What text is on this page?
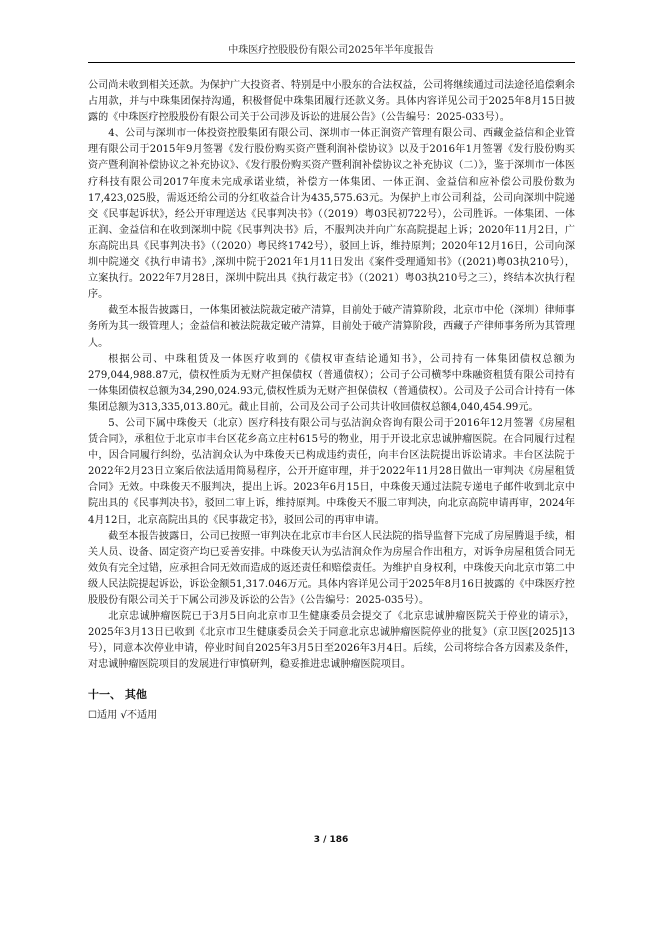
中珠医疗控股股份有限公司2025年半年度报告

公司尚未收到相关还款。为保护广大投资者、特别是中小股东的合法权益，公司将继续通过司法途径追偿剩余占用款，并与中珠集团保持沟通，积极督促中珠集团履行还款义务。具体内容详见公司于2025年8月15日披露的《中珠医疗控股股份有限公司关于公司涉及诉讼的进展公告》（公告编号：2025-033号）。

4、公司与深圳市一体投资控股集团有限公司、深圳市一体正润资产管理有限公司、西藏金益信和企业管理有限公司于2015年9月签署《发行股份购买资产暨利润补偿协议》以及于2016年1月签署《发行股份购买资产暨利润补偿协议之补充协议》、《发行股份购买资产暨利润补偿协议之补充协议（二）》，鉴于深圳市一体医疗科技有限公司2017年度未完成承诺业绩，补偿方一体集团、一体正润、金益信和应补偿公司股份数为17,423,025股，需返还给公司的分红收益合计为435,575.63元。为保护上市公司利益，公司向深圳中院递交《民事起诉状》，经公开审理送达《民事判决书》（（2019）粤03民初722号），公司胜诉。一体集团、一体正润、金益信和在收到深圳中院《民事判决书》后，不服判决并向广东高院提起上诉；2020年11月2日，广东高院出具《民事判决书》（（2020）粤民终1742号），驳回上诉，维持原判；2020年12月16日，公司向深圳中院递交《执行申请书》,深圳中院于2021年1月11日发出《案件受理通知书》（(2021)粤03执210号），立案执行。2022年7月28日，深圳中院出具《执行裁定书》（（2021）粤03执210号之三），终结本次执行程序。

截至本报告披露日，一体集团被法院裁定破产清算，目前处于破产清算阶段，北京市中伦（深圳）律师事务所为其一级管理人；金益信和被法院裁定破产清算，目前处于破产清算阶段，西藏子产律师事务所为其管理人。

根据公司、中珠租赁及一体医疗收到的《债权审查结论通知书》，公司持有一体集团债权总额为279,044,988.87元，债权性质为无财产担保债权（普通债权）；公司子公司横琴中珠融资租赁有限公司持有一体集团债权总额为34,290,024.93元,债权性质为无财产担保债权（普通债权）。公司及子公司合计持有一体集团总额为313,335,013.80元。截止目前，公司及公司子公司共计收回债权总额4,040,454.99元。

5、公司下属中珠俊天（北京）医疗科技有限公司与弘洁润众咨询有限公司于2016年12月签署《房屋租赁合同》，承租位于北京市丰台区花乡高立庄村615号的物业，用于开设北京忠诚肿瘤医院。在合同履行过程中，因合同履行纠纷，弘洁润众认为中珠俊天已构成违约责任，向丰台区法院提出诉讼请求。丰台区法院于2022年2月23日立案后依法适用简易程序，公开开庭审理，并于2022年11月28日做出一审判决《房屋租赁合同》无效。中珠俊天不服判决，提出上诉。2023年6月15日，中珠俊天通过法院专递电子邮件收到北京中院出具的《民事判决书》，驳回二审上诉，维持原判。中珠俊天不服二审判决，向北京高院申请再审，2024年4月12日，北京高院出具的《民事裁定书》，驳回公司的再审申请。

截至本报告披露日，公司已按照一审判决在北京市丰台区人民法院的指导监督下完成了房屋腾退手续，相关人员、设备、固定资产均已妥善安排。中珠俊天认为弘洁润众作为房屋合作出租方，对诉争房屋租赁合同无效负有完全过错，应承担合同无效而造成的返还责任和赔偿责任。为维护自身权利，中珠俊天向北京市第二中级人民法院提起诉讼，诉讼金额51,317.046万元。具体内容详见公司于2025年8月16日披露的《中珠医疗控股股份有限公司关于下属公司涉及诉讼的公告》（公告编号：2025-035号）。

北京忠诚肿瘤医院已于3月5日向北京市卫生健康委员会提交了《北京忠诚肿瘤医院关于停业的请示》，2025年3月13日已收到《北京市卫生健康委员会关于同意北京忠诚肿瘤医院停业的批复》（京卫医[2025]13号），同意本次停业申请，停业时间自2025年3月5日至2026年3月4日。后续，公司将综合各方因素及条件，对忠诚肿瘤医院项目的发展进行审慎研判，稳妥推进忠诚肿瘤医院项目。

十一、 其他

☐适用 √不适用

3 / 186
